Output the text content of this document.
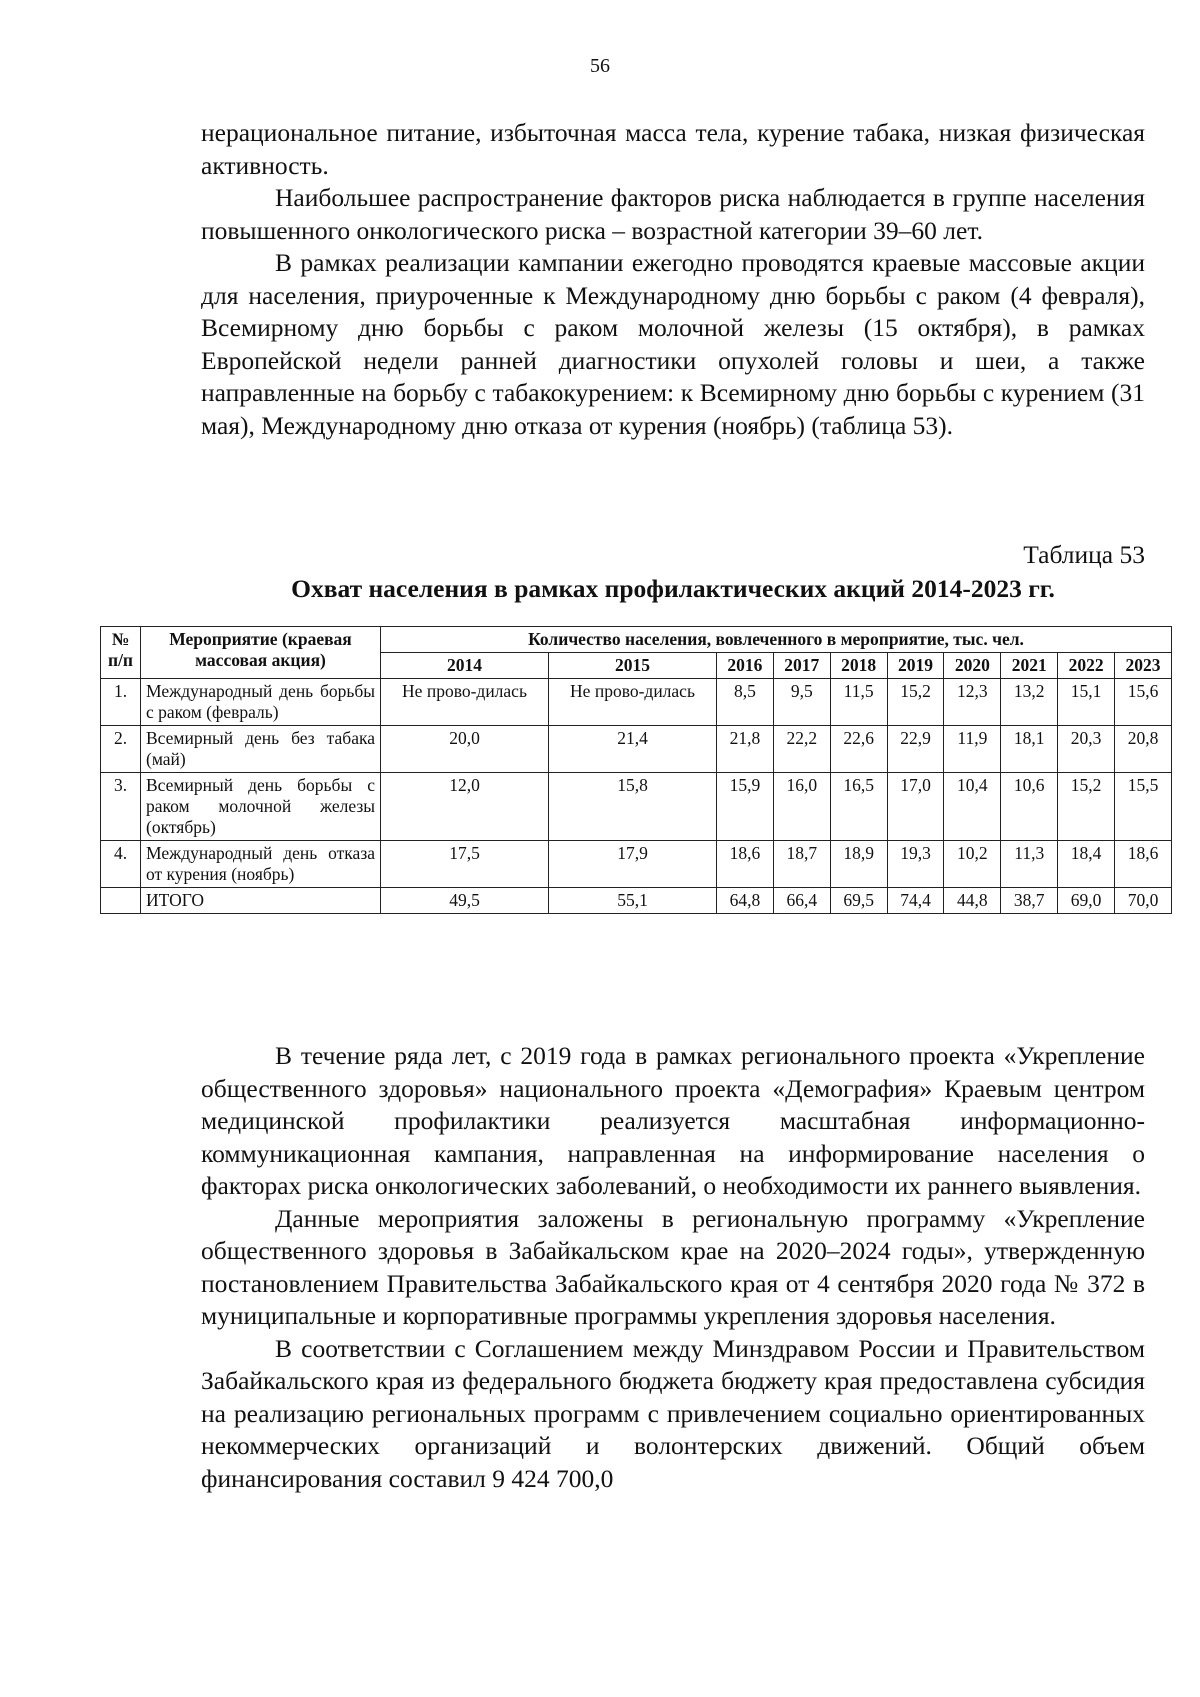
56

нерациональное питание, избыточная масса тела, курение табака, низкая физическая активность.

Наибольшее распространение факторов риска наблюдается в группе населения повышенного онкологического риска – возрастной категории 39–60 лет.

В рамках реализации кампании ежегодно проводятся краевые массовые акции для населения, приуроченные к Международному дню борьбы с раком (4 февраля), Всемирному дню борьбы с раком молочной железы (15 октября), в рамках Европейской недели ранней диагностики опухолей головы и шеи, а также направленные на борьбу с табакокурением: к Всемирному дню борьбы с курением (31 мая), Международному дню отказа от курения (ноябрь) (таблица 53).

Таблица 53
Охват населения в рамках профилактических акций 2014-2023 гг.
№ п/п	Мероприятие (краевая массовая акция)	Количество населения, вовлеченного в мероприятие, тыс. чел.									
		2014	2015	2016	2017	2018	2019	2020	2021	2022	2023
1.	Международный день борьбы с раком (февраль)	Не прово-дилась	Не прово-дилась	8,5	9,5	11,5	15,2	12,3	13,2	15,1	15,6
2.	Всемирный день без табака (май)	20,0	21,4	21,8	22,2	22,6	22,9	11,9	18,1	20,3	20,8
3.	Всемирный день борьбы с раком молочной железы (октябрь)	12,0	15,8	15,9	16,0	16,5	17,0	10,4	10,6	15,2	15,5
4.	Международный день отказа от курения (ноябрь)	17,5	17,9	18,6	18,7	18,9	19,3	10,2	11,3	18,4	18,6
	ИТОГО	49,5	55,1	64,8	66,4	69,5	74,4	44,8	38,7	69,0	70,0

В течение ряда лет, с 2019 года в рамках регионального проекта «Укрепление общественного здоровья» национального проекта «Демография» Краевым центром медицинской профилактики реализуется масштабная информационно-коммуникационная кампания, направленная на информирование населения о факторах риска онкологических заболеваний, о необходимости их раннего выявления.

Данные мероприятия заложены в региональную программу «Укрепление общественного здоровья в Забайкальском крае на 2020–2024 годы», утвержденную постановлением Правительства Забайкальского края от 4 сентября 2020 года № 372 в муниципальные и корпоративные программы укрепления здоровья населения.

В соответствии с Соглашением между Минздравом России и Правительством Забайкальского края из федерального бюджета бюджету края предоставлена субсидия на реализацию региональных программ с привлечением социально ориентированных некоммерческих организаций и волонтерских движений. Общий объем финансирования составил 9 424 700,0
